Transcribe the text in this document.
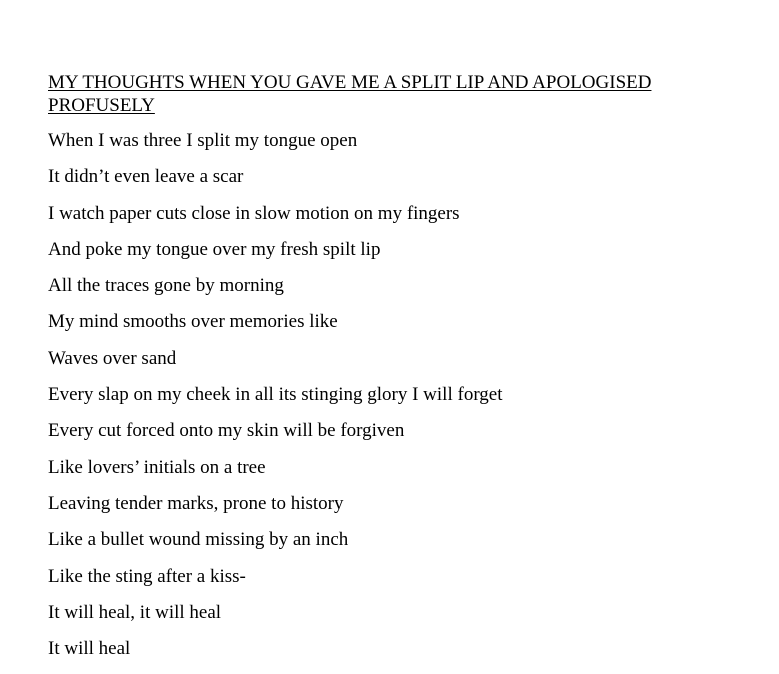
MY THOUGHTS WHEN YOU GAVE ME A SPLIT LIP AND APOLOGISED PROFUSELY
When I was three I split my tongue open
It didn’t even leave a scar
I watch paper cuts close in slow motion on my fingers
And poke my tongue over my fresh spilt lip
All the traces gone by morning
My mind smooths over memories like
Waves over sand
Every slap on my cheek in all its stinging glory I will forget
Every cut forced onto my skin will be forgiven
Like lovers’ initials on a tree
Leaving tender marks, prone to history
Like a bullet wound missing by an inch
Like the sting after a kiss-
It will heal, it will heal
It will heal
